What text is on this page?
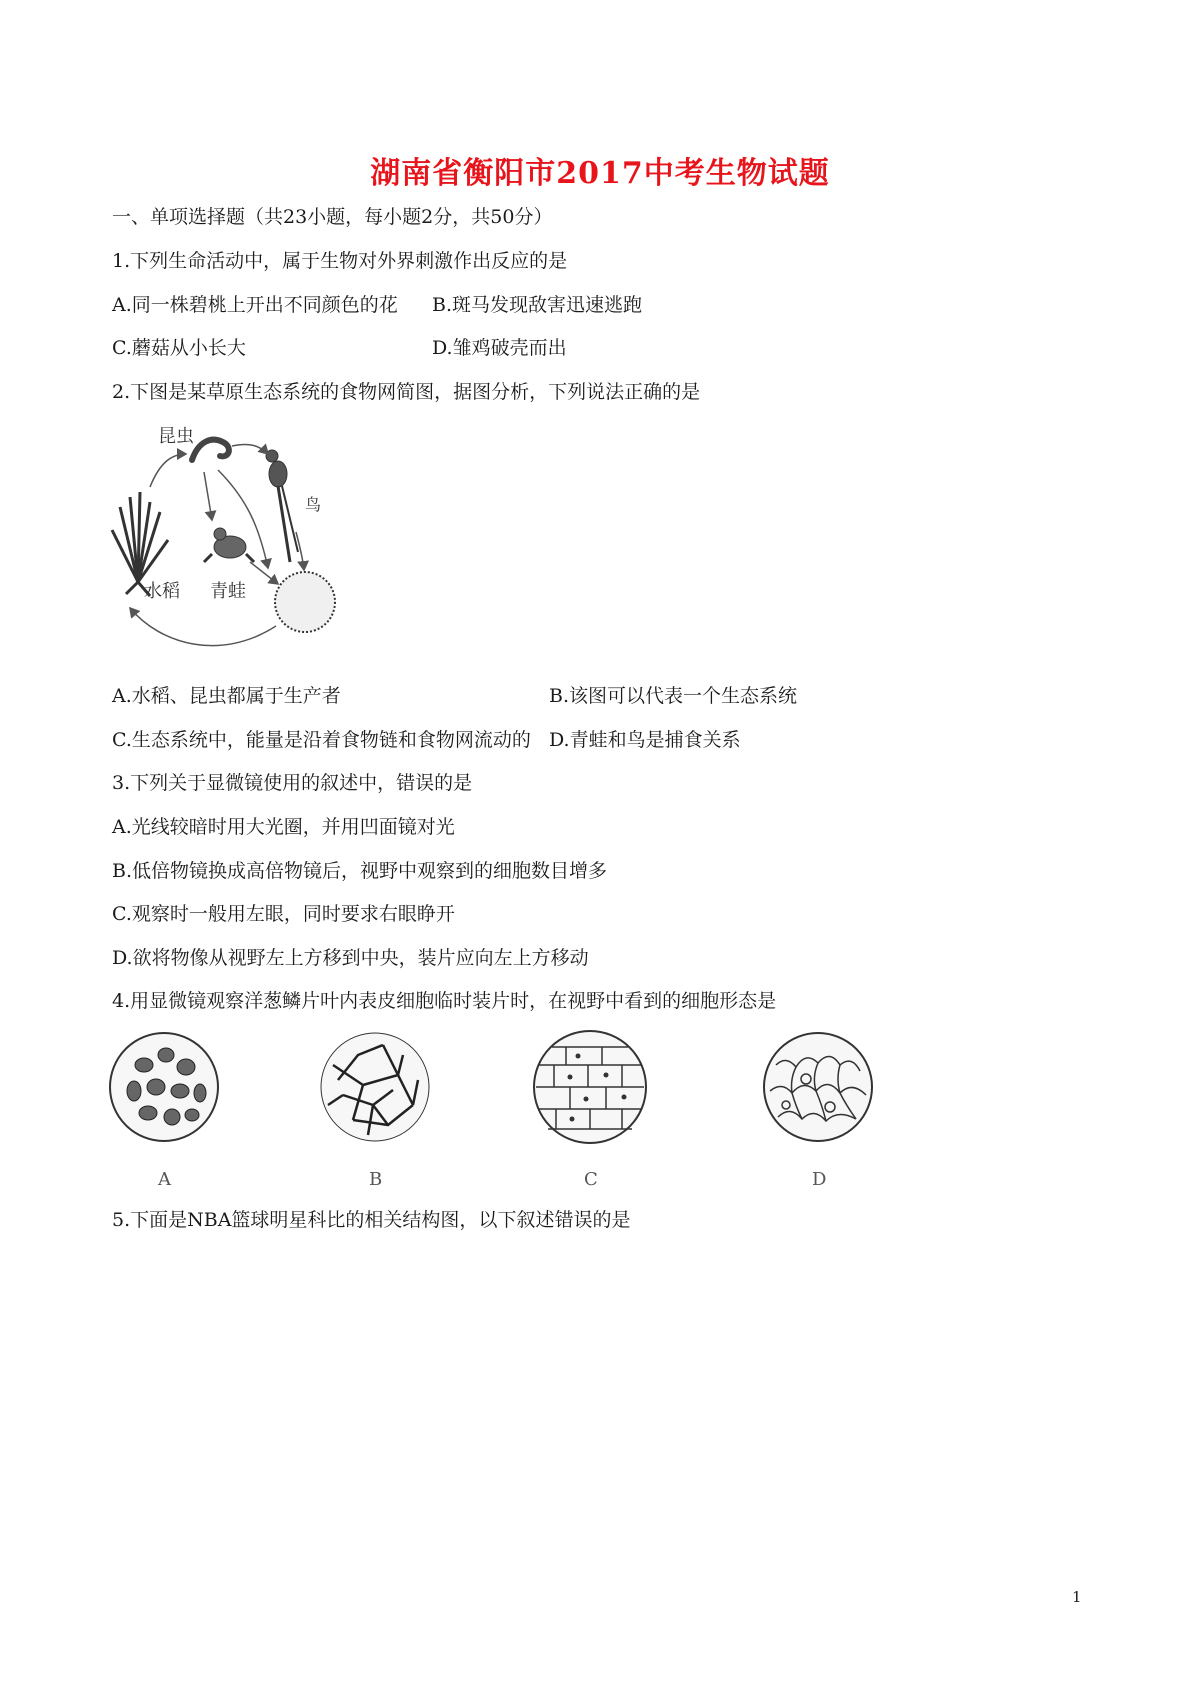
湖南省衡阳市2017中考生物试题
一、单项选择题（共23小题，每小题2分，共50分）
1.下列生命活动中，属于生物对外界刺激作出反应的是
A.同一株碧桃上开出不同颜色的花 B.斑马发现敌害迅速逃跑
C.蘑菇从小长大	D.雏鸡破壳而出
2.下图是某草原生态系统的食物网简图，据图分析，下列说法正确的是
昆虫
鸟
水稻 青蛙
A.水稻、昆虫都属于生产者	B.该图可以代表一个生态系统
C.生态系统中，能量是沿着食物链和食物网流动的 D.青蛙和鸟是捕食关系
3.下列关于显微镜使用的叙述中，错误的是
A.光线较暗时用大光圈，并用凹面镜对光
B.低倍物镜换成高倍物镜后，视野中观察到的细胞数目增多
C.观察时一般用左眼，同时要求右眼睁开
D.欲将物像从视野左上方移到中央，装片应向左上方移动
4.用显微镜观察洋葱鳞片叶内表皮细胞临时装片时，在视野中看到的细胞形态是
A	B	C	D
5.下面是NBA篮球明星科比的相关结构图，以下叙述错误的是
1
